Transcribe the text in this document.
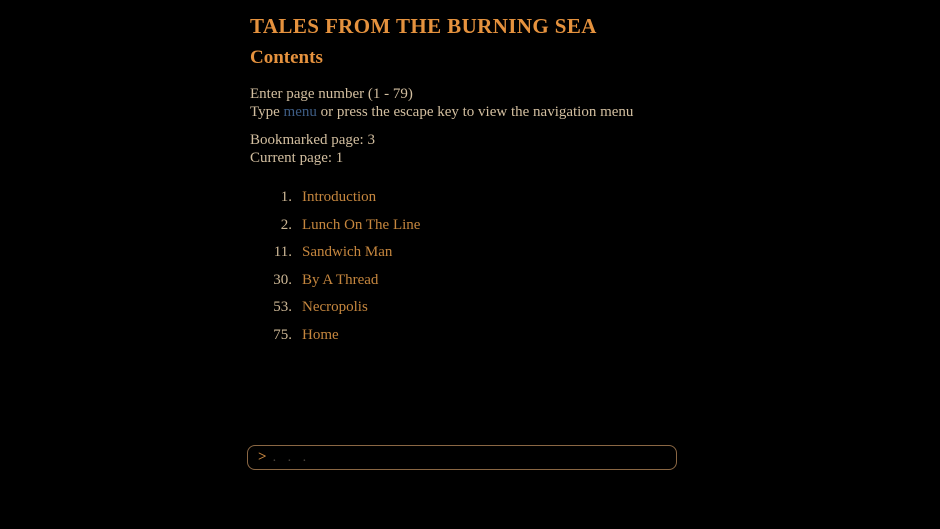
TALES FROM THE BURNING SEA
Contents

Enter page number (1 - 79)
Type menu or press the escape key to view the navigation menu

Bookmarked page: 3
Current page: 1

1. Introduction
2. Lunch On The Line
11. Sandwich Man
30. By A Thread
53. Necropolis
75. Home
>
. . .
